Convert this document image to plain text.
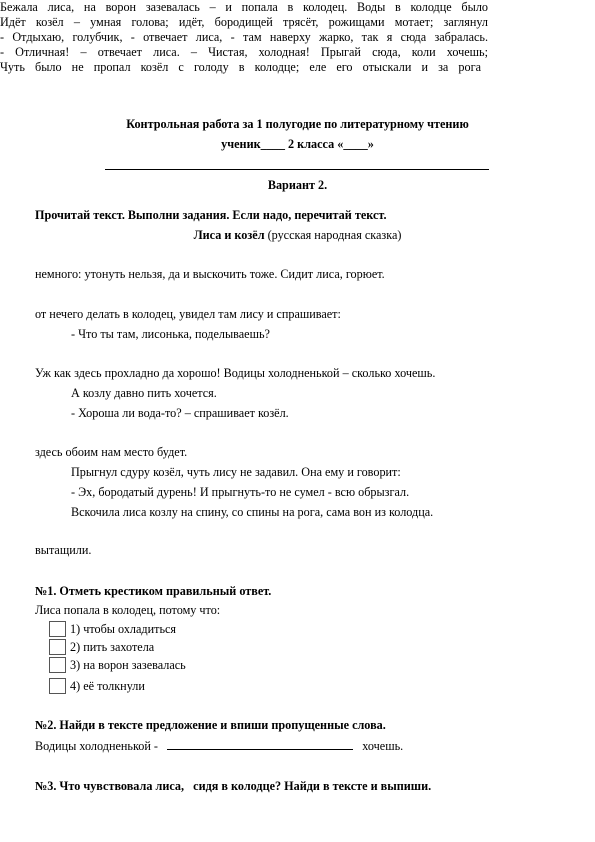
Контрольная работа за 1 полугодие по литературному чтению
ученик____ 2 класса «____»
Вариант 2.
Прочитай текст. Выполни задания. Если надо, перечитай текст.
Лиса и козёл (русская народная сказка)
Бежала лиса, на ворон зазевалась – и попала в колодец. Воды в колодце было
немного: утонуть нельзя, да и выскочить тоже. Сидит лиса, горюет.
Идёт козёл – умная голова; идёт, бородищей трясёт, рожищами мотает; заглянул
от нечего делать в колодец, увидел там лису и спрашивает:
- Что ты там, лисонька, поделываешь?
- Отдыхаю, голубчик, - отвечает лиса, - там наверху жарко, так я сюда забралась.
Уж как здесь прохладно да хорошо! Водицы холодненькой – сколько хочешь.
А козлу давно пить хочется.
- Хороша ли вода-то? – спрашивает козёл.
- Отличная! – отвечает лиса. – Чистая, холодная! Прыгай сюда, коли хочешь;
здесь обоим нам место будет.
Прыгнул сдуру козёл, чуть лису не задавил. Она ему и говорит:
- Эх, бородатый дурень! И прыгнуть-то не сумел - всю обрызгал.
Вскочила лиса козлу на спину, со спины на рога, сама вон из колодца.
Чуть было не пропал козёл с голоду в колодце; еле его отыскали и за рога
вытащили.
№1. Отметь крестиком правильный ответ.
Лиса попала в колодец, потому что:
1) чтобы охладиться
2) пить захотела
3) на ворон зазевалась
4) её толкнули
№2. Найди в тексте предложение и впиши пропущенные слова.
Водицы холодненькой -	хочешь.
№3. Что чувствовала лиса,   сидя в колодце? Найди в тексте и выпиши.
